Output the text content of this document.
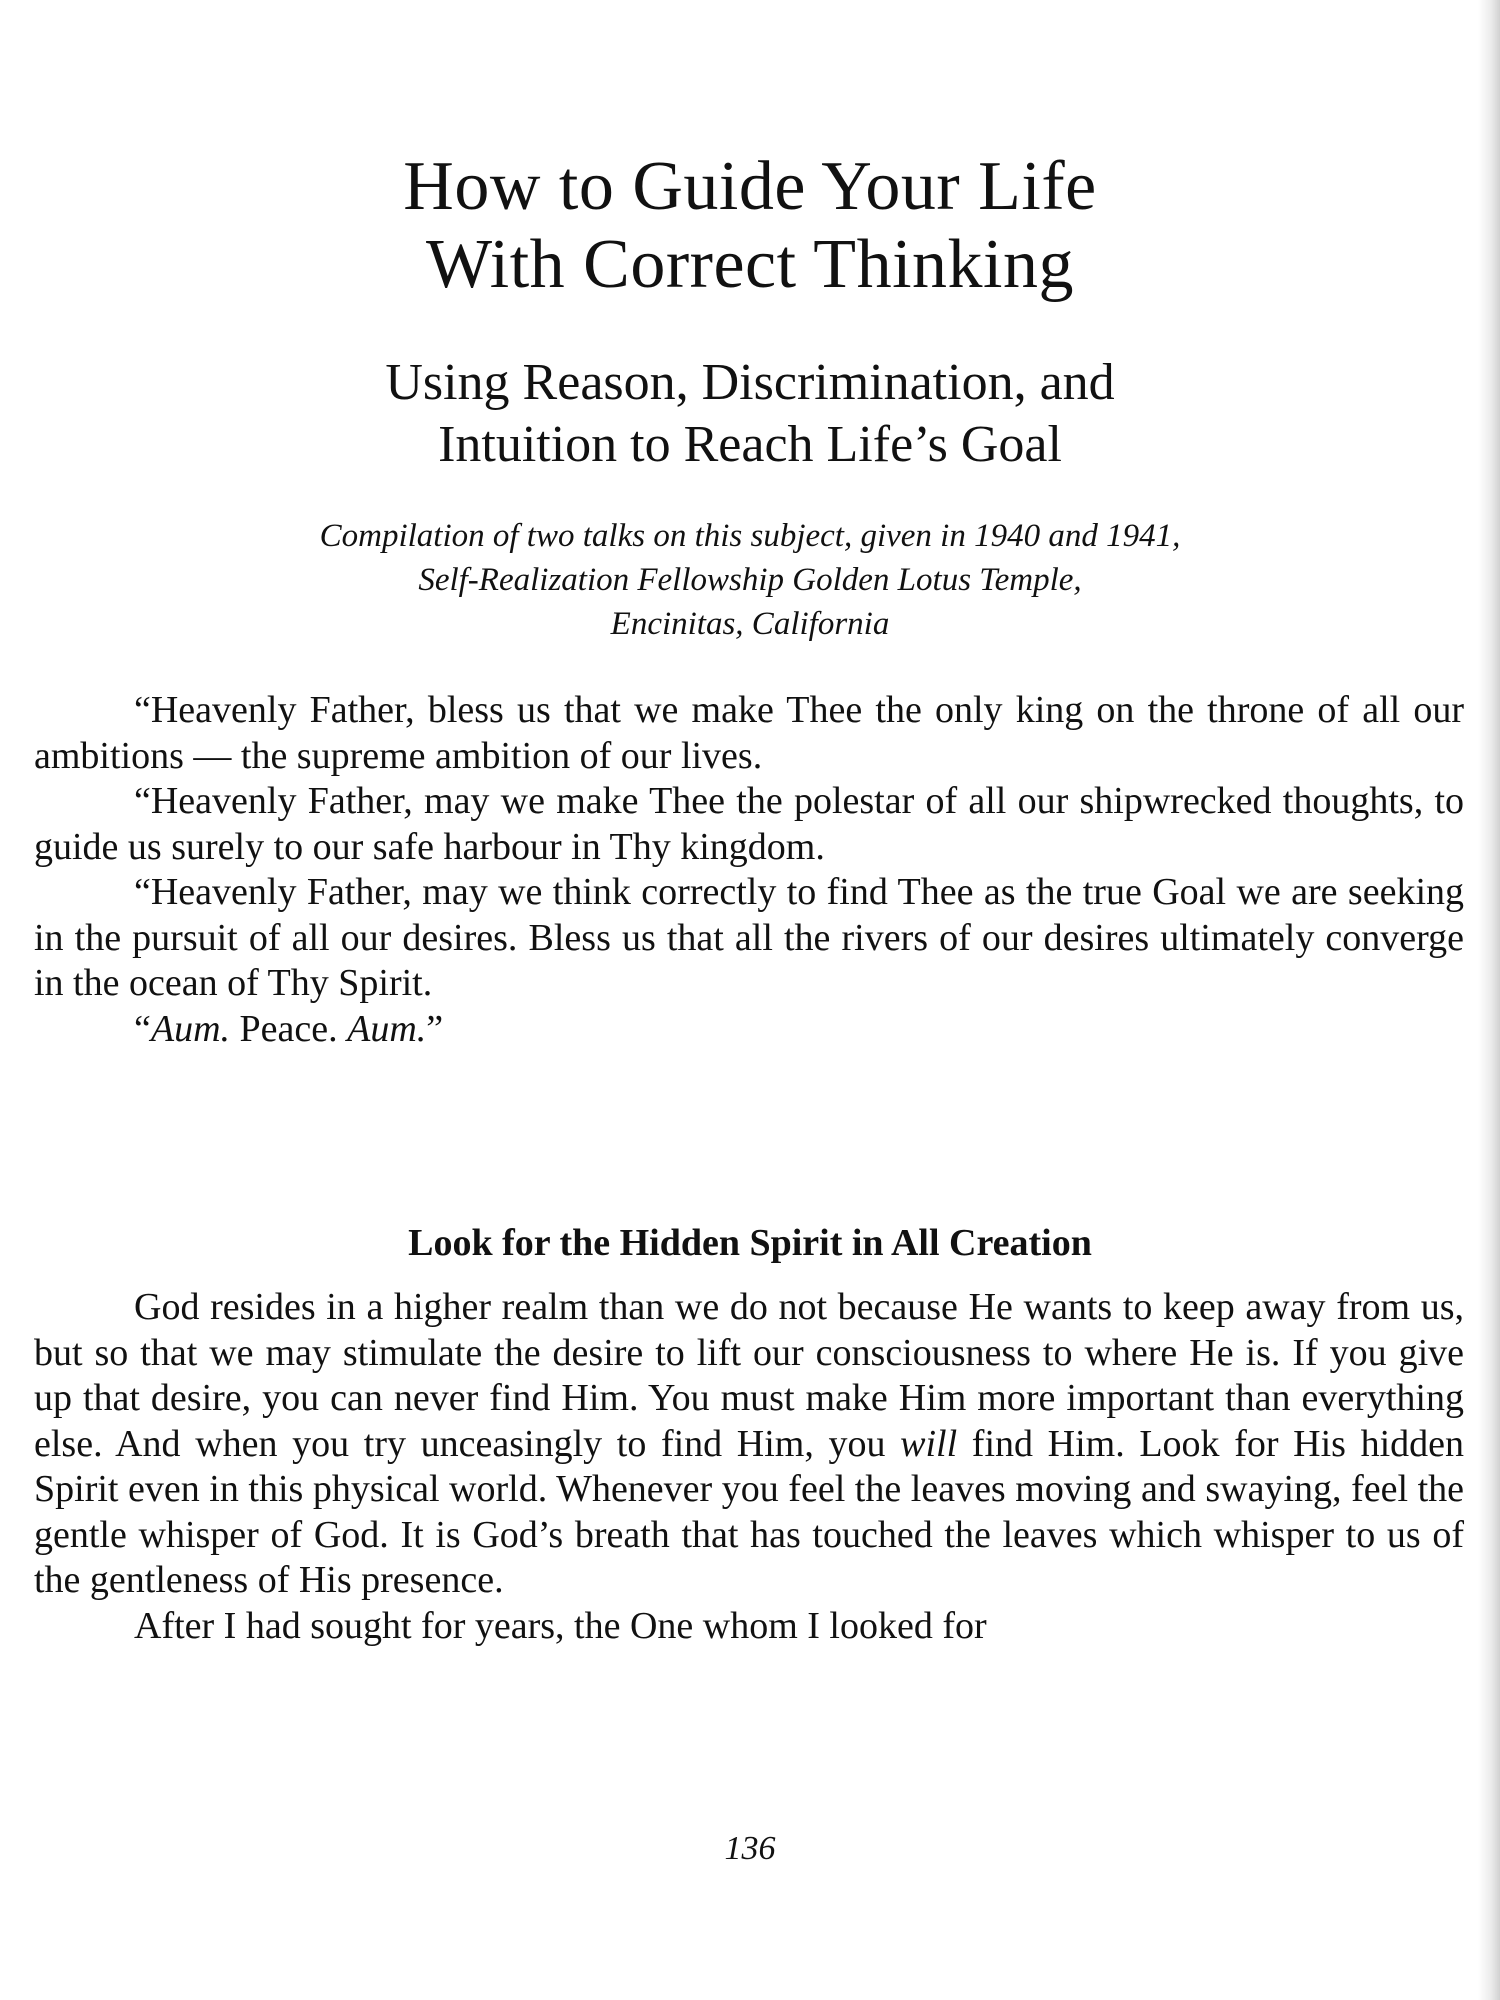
How to Guide Your Life
With Correct Thinking
Using Reason, Discrimination, and
Intuition to Reach Life’s Goal
Compilation of two talks on this subject, given in 1940 and 1941,
Self-Realization Fellowship Golden Lotus Temple,
Encinitas, California

“Heavenly Father, bless us that we make Thee the only king on the throne of all our ambitions — the supreme ambition of our lives.

“Heavenly Father, may we make Thee the polestar of all our shipwrecked thoughts, to guide us surely to our safe harbour in Thy kingdom.

“Heavenly Father, may we think correctly to find Thee as the true Goal we are seeking in the pursuit of all our desires. Bless us that all the rivers of our desires ultimately converge in the ocean of Thy Spirit.

“Aum. Peace. Aum.”

Look for the Hidden Spirit in All Creation

God resides in a higher realm than we do not because He wants to keep away from us, but so that we may stimulate the desire to lift our consciousness to where He is. If you give up that desire, you can never find Him. You must make Him more important than everything else. And when you try unceasingly to find Him, you will find Him. Look for His hidden Spirit even in this physical world. Whenever you feel the leaves moving and swaying, feel the gentle whisper of God. It is God’s breath that has touched the leaves which whisper to us of the gentleness of His presence.

After I had sought for years, the One whom I looked for

136
